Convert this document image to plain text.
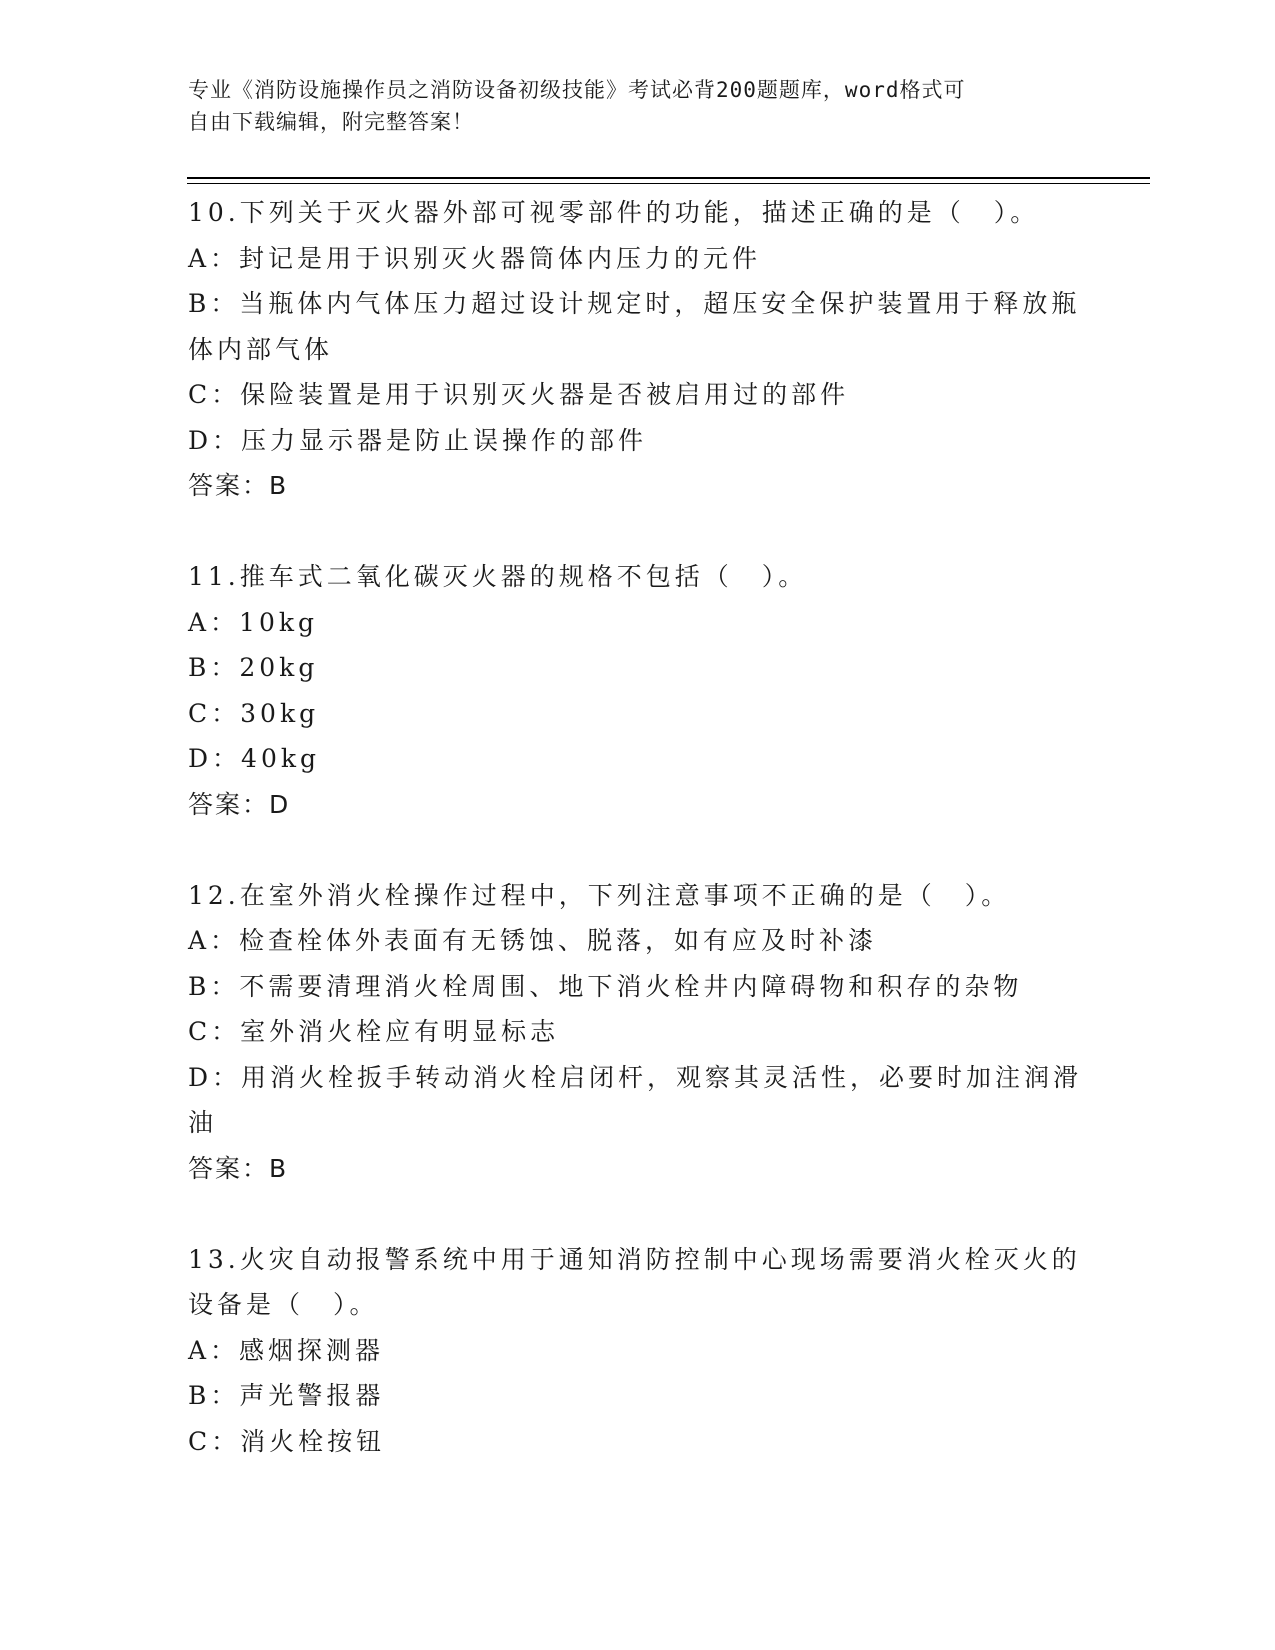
专业《消防设施操作员之消防设备初级技能》考试必背200题题库，word格式可
自由下载编辑，附完整答案！
10.下列关于灭火器外部可视零部件的功能，描述正确的是（　）。
A：封记是用于识别灭火器筒体内压力的元件
B：当瓶体内气体压力超过设计规定时，超压安全保护装置用于释放瓶
体内部气体
C：保险装置是用于识别灭火器是否被启用过的部件
D：压力显示器是防止误操作的部件
答案：B
11.推车式二氧化碳灭火器的规格不包括（　）。
A：10kg
B：20kg
C：30kg
D：40kg
答案：D
12.在室外消火栓操作过程中，下列注意事项不正确的是（　）。
A：检查栓体外表面有无锈蚀、脱落，如有应及时补漆
B：不需要清理消火栓周围、地下消火栓井内障碍物和积存的杂物
C：室外消火栓应有明显标志
D：用消火栓扳手转动消火栓启闭杆，观察其灵活性，必要时加注润滑
油
答案：B
13.火灾自动报警系统中用于通知消防控制中心现场需要消火栓灭火的
设备是（　）。
A：感烟探测器
B：声光警报器
C：消火栓按钮
